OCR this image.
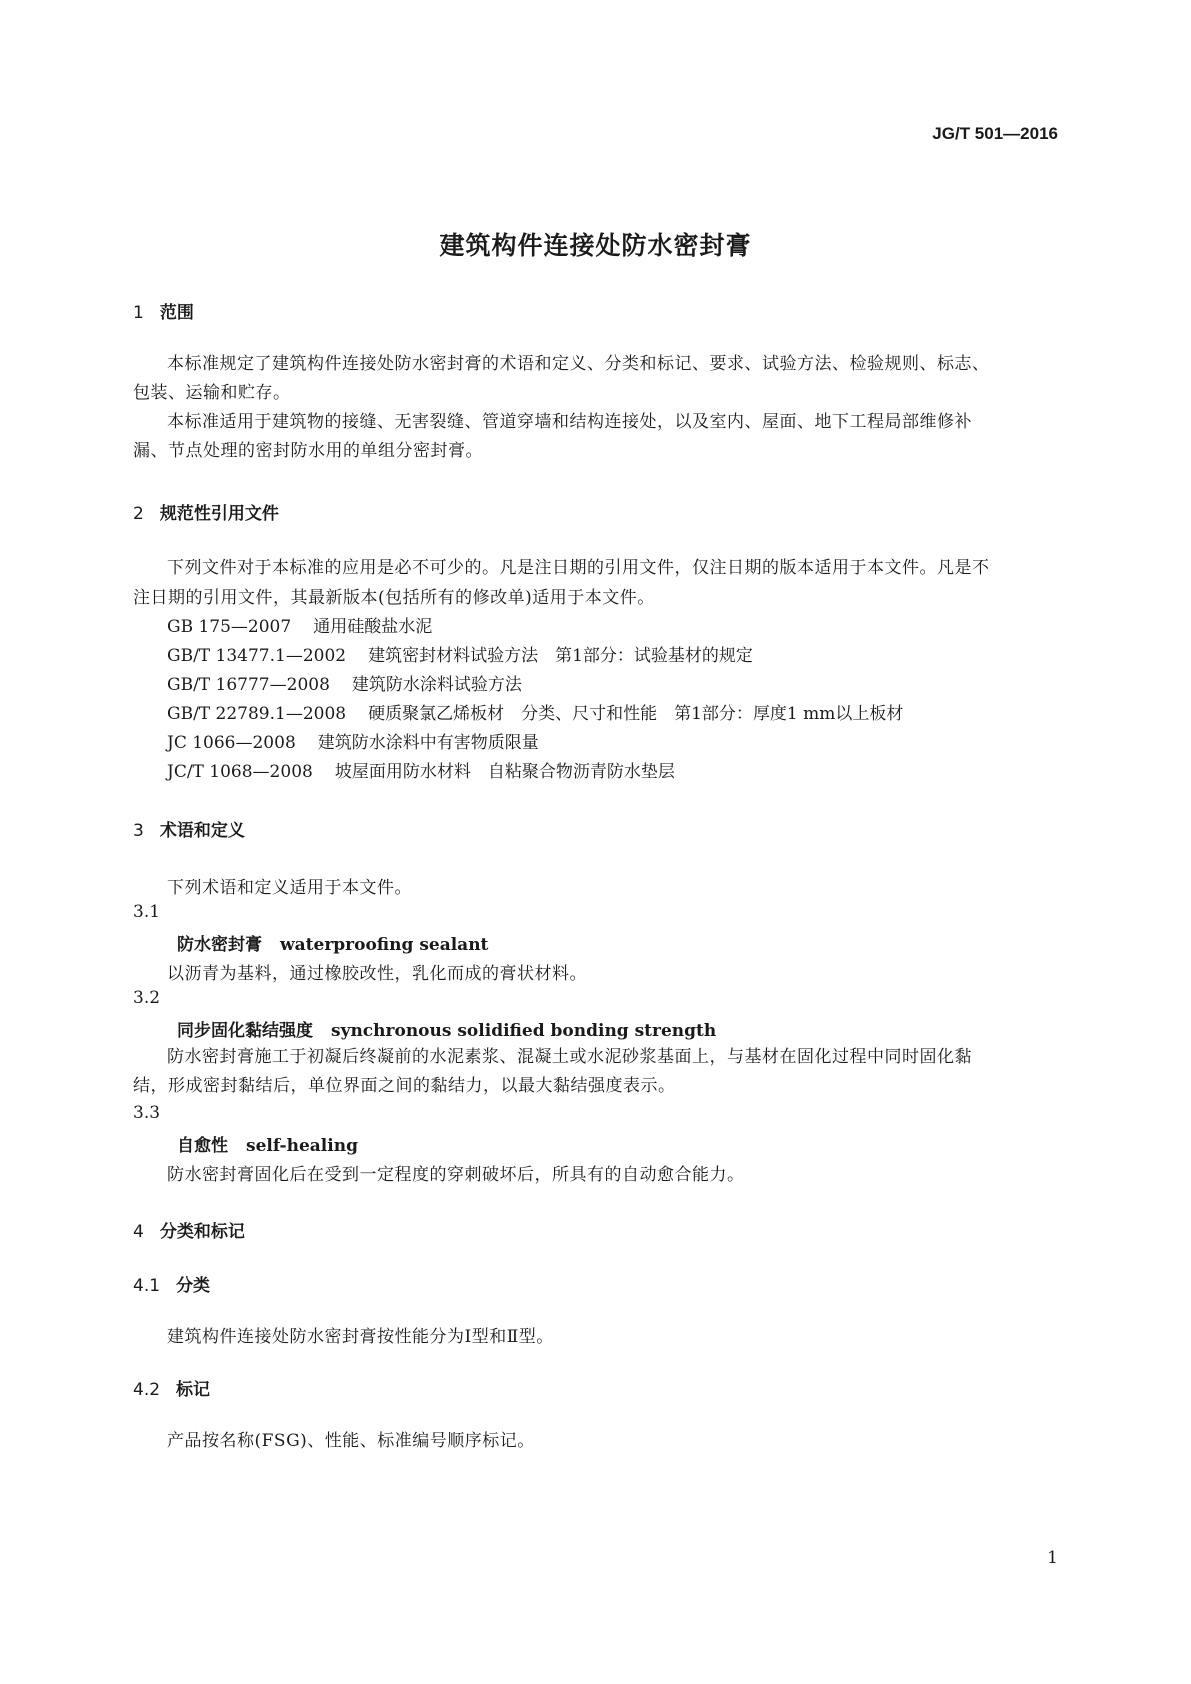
JG/T 501—2016
建筑构件连接处防水密封膏
1 范围
本标准规定了建筑构件连接处防水密封膏的术语和定义、分类和标记、要求、试验方法、检验规则、标志、包装、运输和贮存。
本标准适用于建筑物的接缝、无害裂缝、管道穿墙和结构连接处，以及室内、屋面、地下工程局部维修补漏、节点处理的密封防水用的单组分密封膏。
2 规范性引用文件
下列文件对于本标准的应用是必不可少的。凡是注日期的引用文件，仅注日期的版本适用于本文件。凡是不注日期的引用文件，其最新版本(包括所有的修改单)适用于本文件。
GB 175—2007 通用硅酸盐水泥
GB/T 13477.1—2002 建筑密封材料试验方法　第1部分：试验基材的规定
GB/T 16777—2008 建筑防水涂料试验方法
GB/T 22789.1—2008 硬质聚氯乙烯板材　分类、尺寸和性能　第1部分：厚度1 mm以上板材
JC 1066—2008 建筑防水涂料中有害物质限量
JC/T 1068—2008 坡屋面用防水材料　自粘聚合物沥青防水垫层
3 术语和定义
下列术语和定义适用于本文件。
3.1
防水密封膏 waterproofing sealant
以沥青为基料，通过橡胶改性，乳化而成的膏状材料。
3.2
同步固化黏结强度 synchronous solidified bonding strength
防水密封膏施工于初凝后终凝前的水泥素浆、混凝土或水泥砂浆基面上，与基材在固化过程中同时固化黏结，形成密封黏结后，单位界面之间的黏结力，以最大黏结强度表示。
3.3
自愈性 self-healing
防水密封膏固化后在受到一定程度的穿刺破坏后，所具有的自动愈合能力。
4 分类和标记
4.1 分类
建筑构件连接处防水密封膏按性能分为Ⅰ型和Ⅱ型。
4.2 标记
产品按名称(FSG)、性能、标准编号顺序标记。
1
